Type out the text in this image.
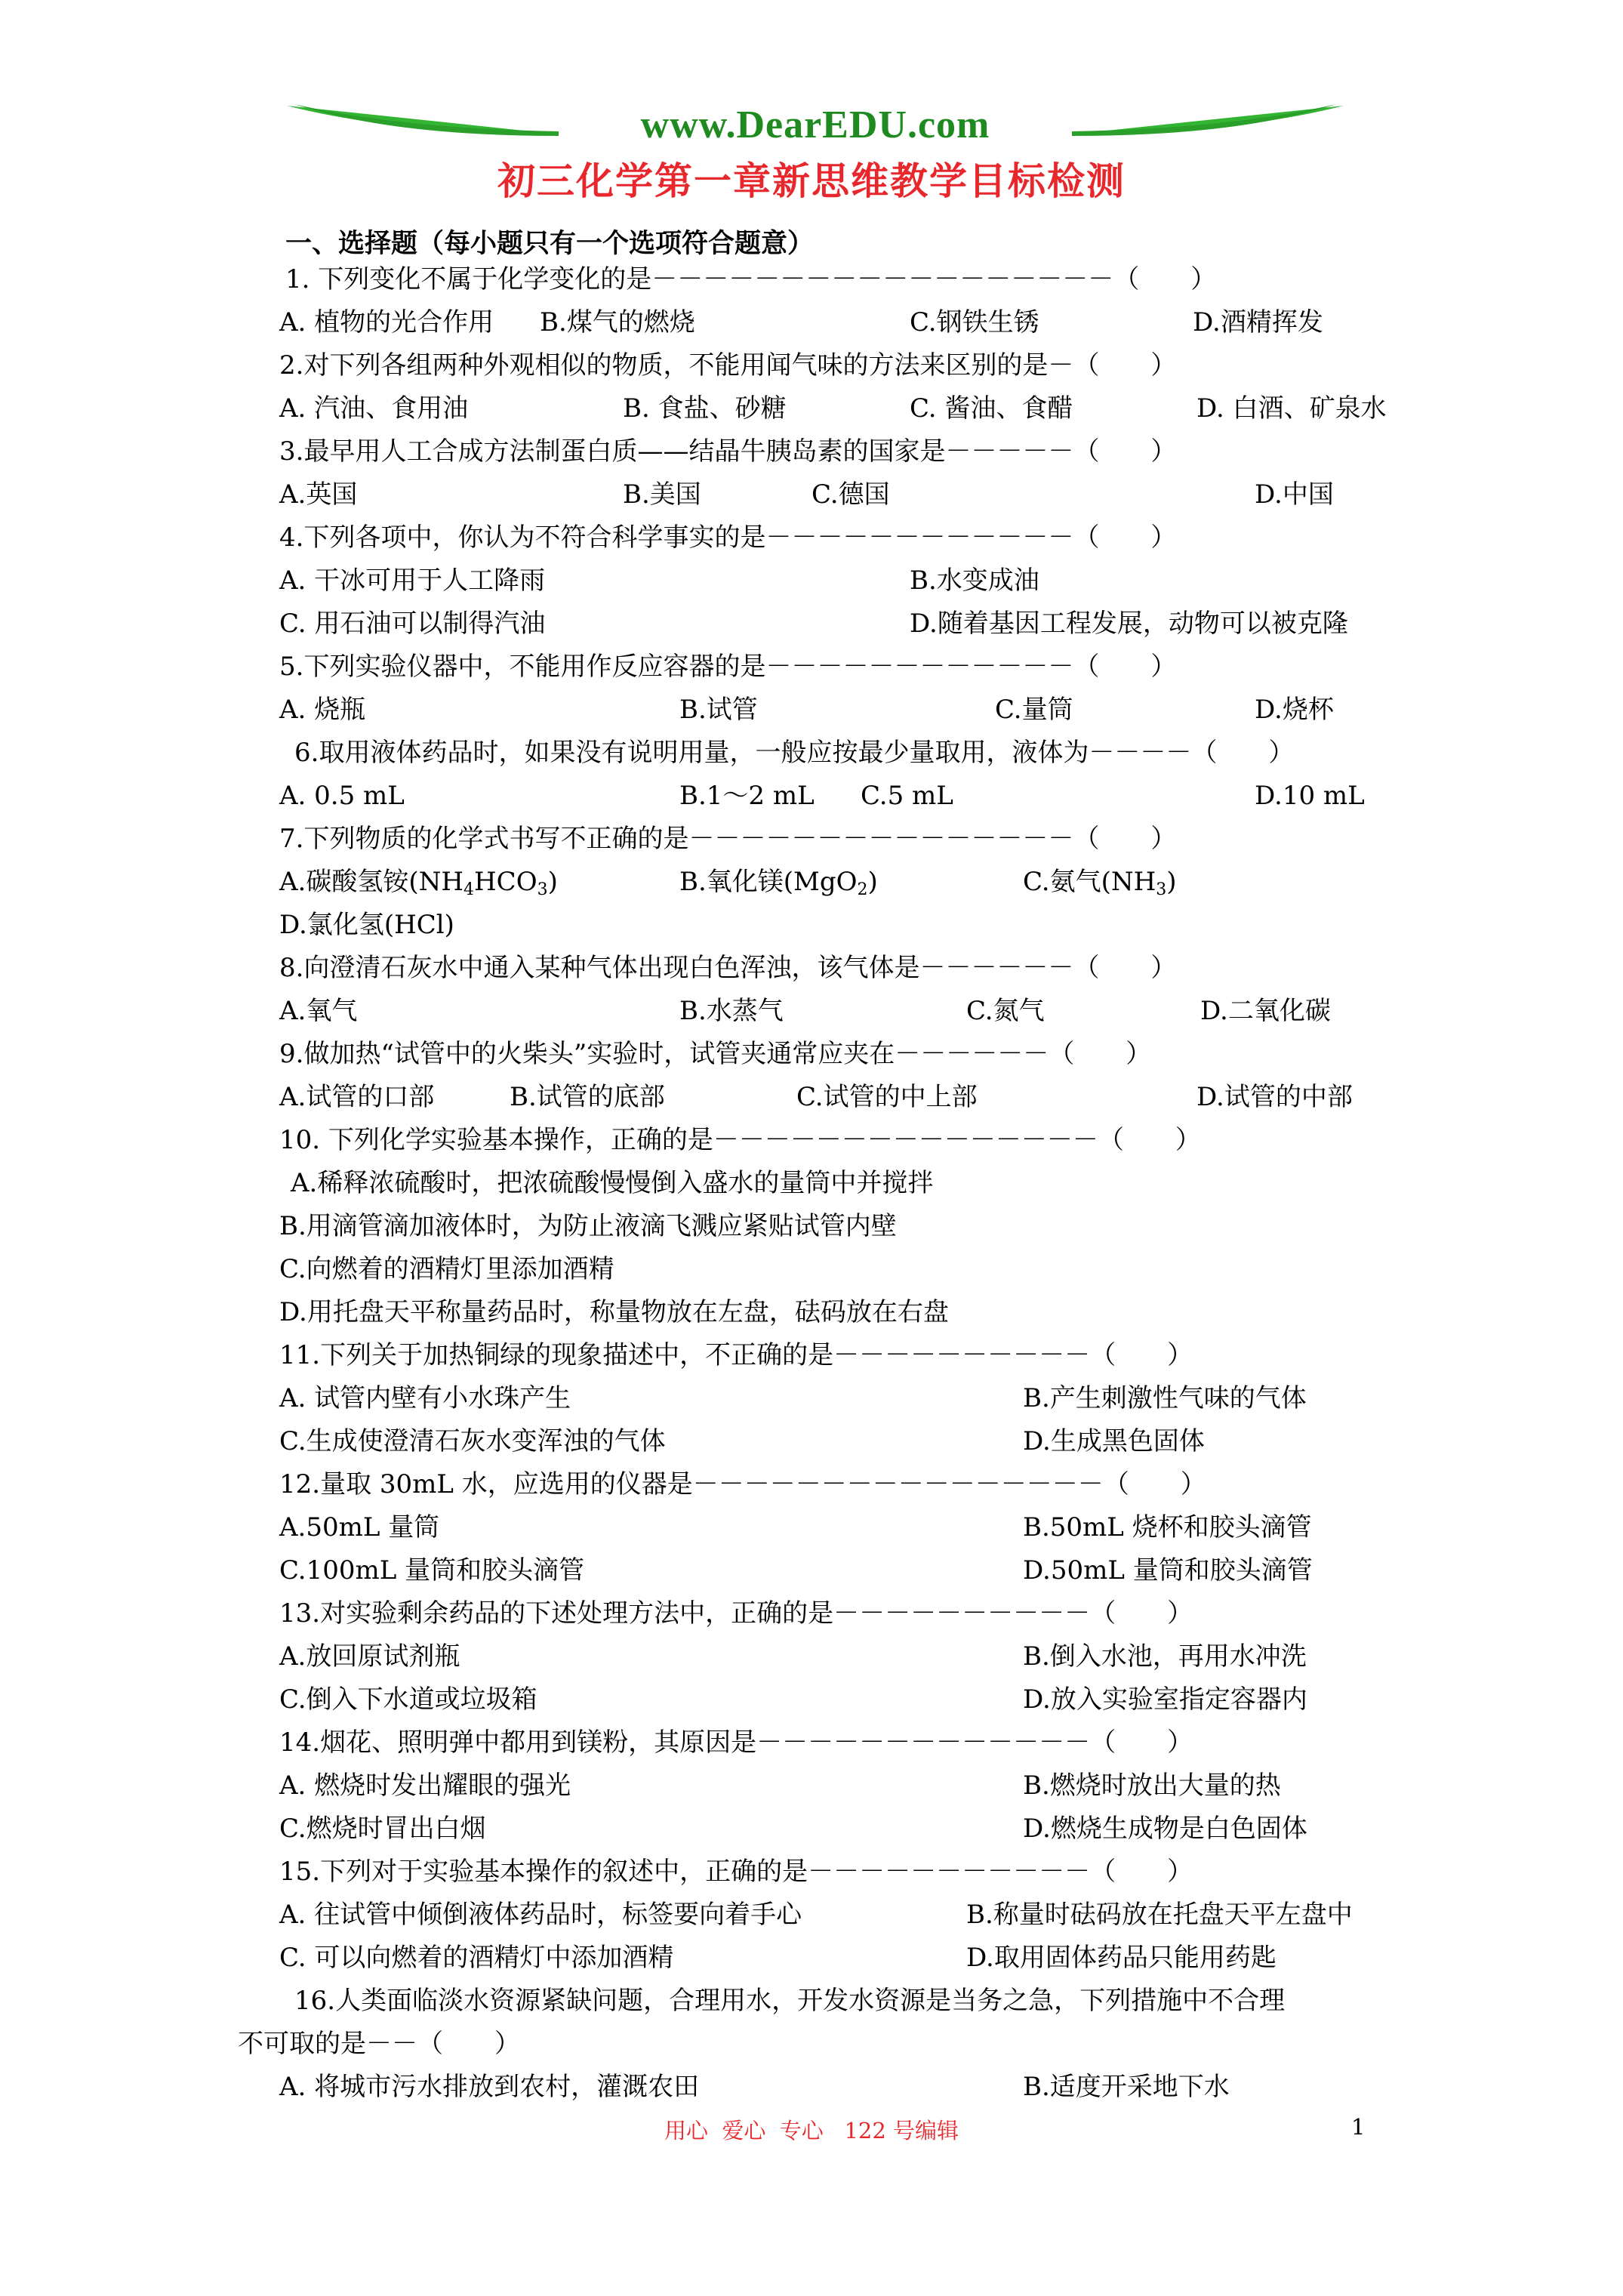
www.DearEDU.com
初三化学第一章新思维教学目标检测
一、选择题（每小题只有一个选项符合题意）
1. 下列变化不属于化学变化的是－－－－－－－－－－－－－－－－－－（　　）
A. 植物的光合作用 B.煤气的燃烧	C.钢铁生锈	D.酒精挥发
2.对下列各组两种外观相似的物质，不能用闻气味的方法来区别的是－（　　）
A. 汽油、食用油	B. 食盐、砂糖	C. 酱油、食醋	D. 白酒、矿泉水
3.最早用人工合成方法制蛋白质——结晶牛胰岛素的国家是－－－－－（　　）
A.英国	B.美国	C.德国	D.中国
4.下列各项中，你认为不符合科学事实的是－－－－－－－－－－－－（　　）
A. 干冰可用于人工降雨	B.水变成油
C. 用石油可以制得汽油	D.随着基因工程发展，动物可以被克隆
5.下列实验仪器中，不能用作反应容器的是－－－－－－－－－－－－（　　）
A. 烧瓶	B.试管	C.量筒	D.烧杯
6.取用液体药品时，如果没有说明用量，一般应按最少量取用，液体为－－－－（　　）
A. 0.5 mL	B.1～2 mL C.5 mL	D.10 mL
7.下列物质的化学式书写不正确的是－－－－－－－－－－－－－－－（　　）
A.碳酸氢铵$(NH_4HCO_3)$	B.氧化镁(MgO$_2$)	C.氨气$(NH_3)$
D.氯化氢(HCl)
8.向澄清石灰水中通入某种气体出现白色浑浊，该气体是－－－－－－（　　）
A.氧气	B.水蒸气	C.氮气	D.二氧化碳
9.做加热“试管中的火柴头”实验时，试管夹通常应夹在－－－－－－（　　）
A.试管的口部	B.试管的底部	C.试管的中上部	D.试管的中部
10. 下列化学实验基本操作，正确的是－－－－－－－－－－－－－－－（　　）
A.稀释浓硫酸时，把浓硫酸慢慢倒入盛水的量筒中并搅拌
B.用滴管滴加液体时，为防止液滴飞溅应紧贴试管内壁
C.向燃着的酒精灯里添加酒精
D.用托盘天平称量药品时，称量物放在左盘，砝码放在右盘
11.下列关于加热铜绿的现象描述中，不正确的是－－－－－－－－－－（　　）
A. 试管内壁有小水珠产生	B.产生刺激性气味的气体
C.生成使澄清石灰水变浑浊的气体	D.生成黑色固体
12.量取 30mL 水，应选用的仪器是－－－－－－－－－－－－－－－－（　　）
A.50mL 量筒	B.50mL 烧杯和胶头滴管
C.100mL 量筒和胶头滴管	D.50mL 量筒和胶头滴管
13.对实验剩余药品的下述处理方法中，正确的是－－－－－－－－－－（　　）
A.放回原试剂瓶	B.倒入水池，再用水冲洗
C.倒入下水道或垃圾箱	D.放入实验室指定容器内
14.烟花、照明弹中都用到镁粉，其原因是－－－－－－－－－－－－－（　　）
A. 燃烧时发出耀眼的强光	B.燃烧时放出大量的热
C.燃烧时冒出白烟	D.燃烧生成物是白色固体
15.下列对于实验基本操作的叙述中，正确的是－－－－－－－－－－－（　　）
A. 往试管中倾倒液体药品时，标签要向着手心	B.称量时砝码放在托盘天平左盘中
C. 可以向燃着的酒精灯中添加酒精	D.取用固体药品只能用药匙
16.人类面临淡水资源紧缺问题，合理用水，开发水资源是当务之急，下列措施中不合理
不可取的是－－（　　）
A. 将城市污水排放到农村，灌溉农田	B.适度开采地下水
用心  爱心  专心   122 号编辑	1
